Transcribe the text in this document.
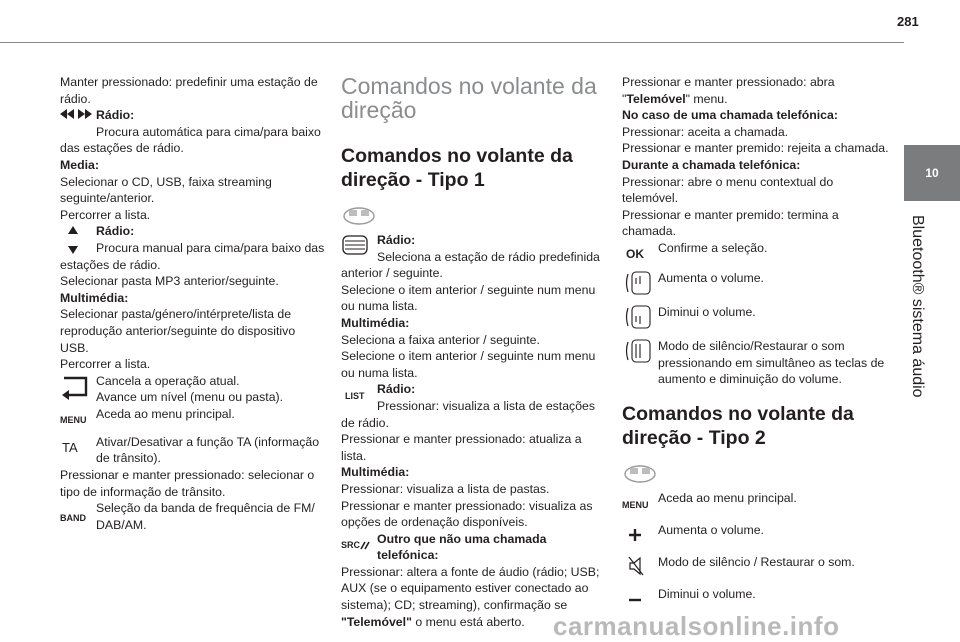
281
10
Bluetooth® sistema áudio

Manter pressionado: predefinir uma estação de rádio.

Rádio:

Procura automática para cima/para baixo

das estações de rádio.

Media:

Selecionar o CD, USB, faixa streaming seguinte/anterior.

Percorrer a lista.

Rádio:

Procura manual para cima/para baixo das

estações de rádio.

Selecionar pasta MP3 anterior/seguinte.

Multimédia:

Selecionar pasta/género/intérprete/lista de reprodução anterior/seguinte do dispositivo USB.

Percorrer a lista.

Cancela a operação atual.

Avance um nível (menu ou pasta).

MENU Aceda ao menu principal.

TA	Ativar/Desativar a função TA (informação de trânsito).

Pressionar e manter pressionado: selecionar o tipo de informação de trânsito.

BAND

Seleção da banda de frequência de FM/ DAB/AM.

Comandos no volante da direção
Comandos no volante da direção - Tipo 1

Rádio:

Seleciona a estação de rádio predefinida

anterior / seguinte.

Selecione o item anterior / seguinte num menu ou numa lista.

Multimédia:

Seleciona a faixa anterior / seguinte.

Selecione o item anterior / seguinte num menu ou numa lista.

LIST	Rádio:

Pressionar: visualiza a lista de estações

de rádio.

Pressionar e manter pressionado: atualiza a lista.

Multimédia:

Pressionar: visualiza a lista de pastas.

Pressionar e manter pressionado: visualiza as opções de ordenação disponíveis.

SRC	Outro que não uma chamada telefónica:

Pressionar: altera a fonte de áudio (rádio; USB; AUX (se o equipamento estiver conectado ao sistema); CD; streaming), confirmação se "Telemóvel" o menu está aberto.

Pressionar e manter pressionado: abra "Telemóvel" menu.

No caso de uma chamada telefónica:

Pressionar: aceita a chamada.

Pressionar e manter premido: rejeita a chamada.

Durante a chamada telefónica:

Pressionar: abre o menu contextual do telemóvel.

Pressionar e manter premido: termina a chamada.

OK	Confirme a seleção.

Aumenta o volume.

Diminui o volume.

Modo de silêncio/Restaurar o som

pressionando em simultâneo as teclas de aumento e diminuição do volume.

Comandos no volante da direção - Tipo 2
MENU Aceda ao menu principal.

Aumenta o volume.

Modo de silêncio / Restaurar o som.

Diminui o volume.

carmanualsonline.info
